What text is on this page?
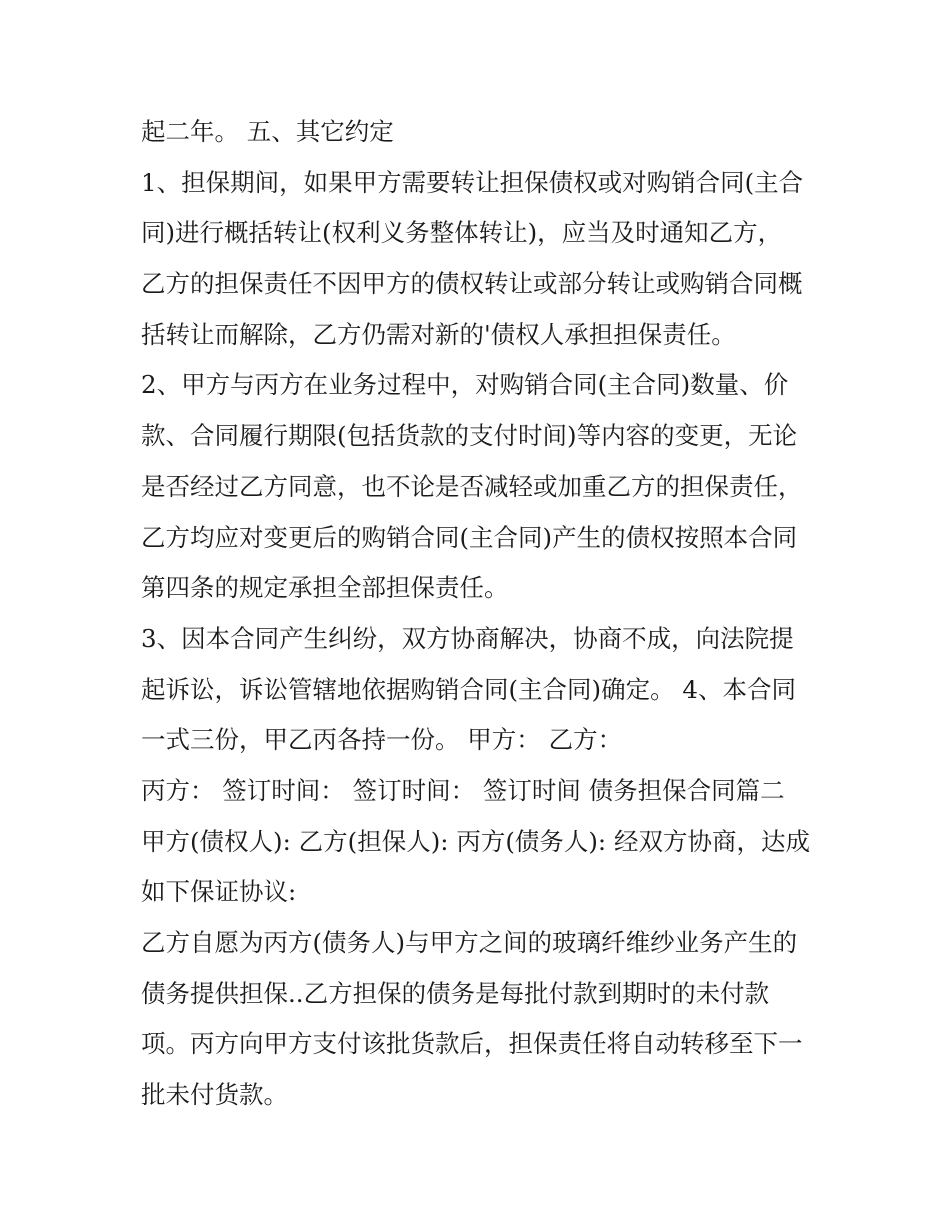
起二年。 五、其它约定
1、担保期间，如果甲方需要转让担保债权或对购销合同(主合
同)进行概括转让(权利义务整体转让)，应当及时通知乙方，
乙方的担保责任不因甲方的债权转让或部分转让或购销合同概
括转让而解除，乙方仍需对新的'债权人承担担保责任。
2、甲方与丙方在业务过程中，对购销合同(主合同)数量、价
款、合同履行期限(包括货款的支付时间)等内容的变更，无论
是否经过乙方同意，也不论是否减轻或加重乙方的担保责任，
乙方均应对变更后的购销合同(主合同)产生的债权按照本合同
第四条的规定承担全部担保责任。
3、因本合同产生纠纷，双方协商解决，协商不成，向法院提
起诉讼，诉讼管辖地依据购销合同(主合同)确定。 4、本合同
一式三份，甲乙丙各持一份。 甲方： 乙方：
丙方： 签订时间： 签订时间： 签订时间 债务担保合同篇二
甲方(债权人): 乙方(担保人): 丙方(债务人): 经双方协商，达成
如下保证协议:
乙方自愿为丙方(债务人)与甲方之间的玻璃纤维纱业务产生的
债务提供担保..乙方担保的债务是每批付款到期时的未付款
项。丙方向甲方支付该批货款后，担保责任将自动转移至下一
批未付货款。
